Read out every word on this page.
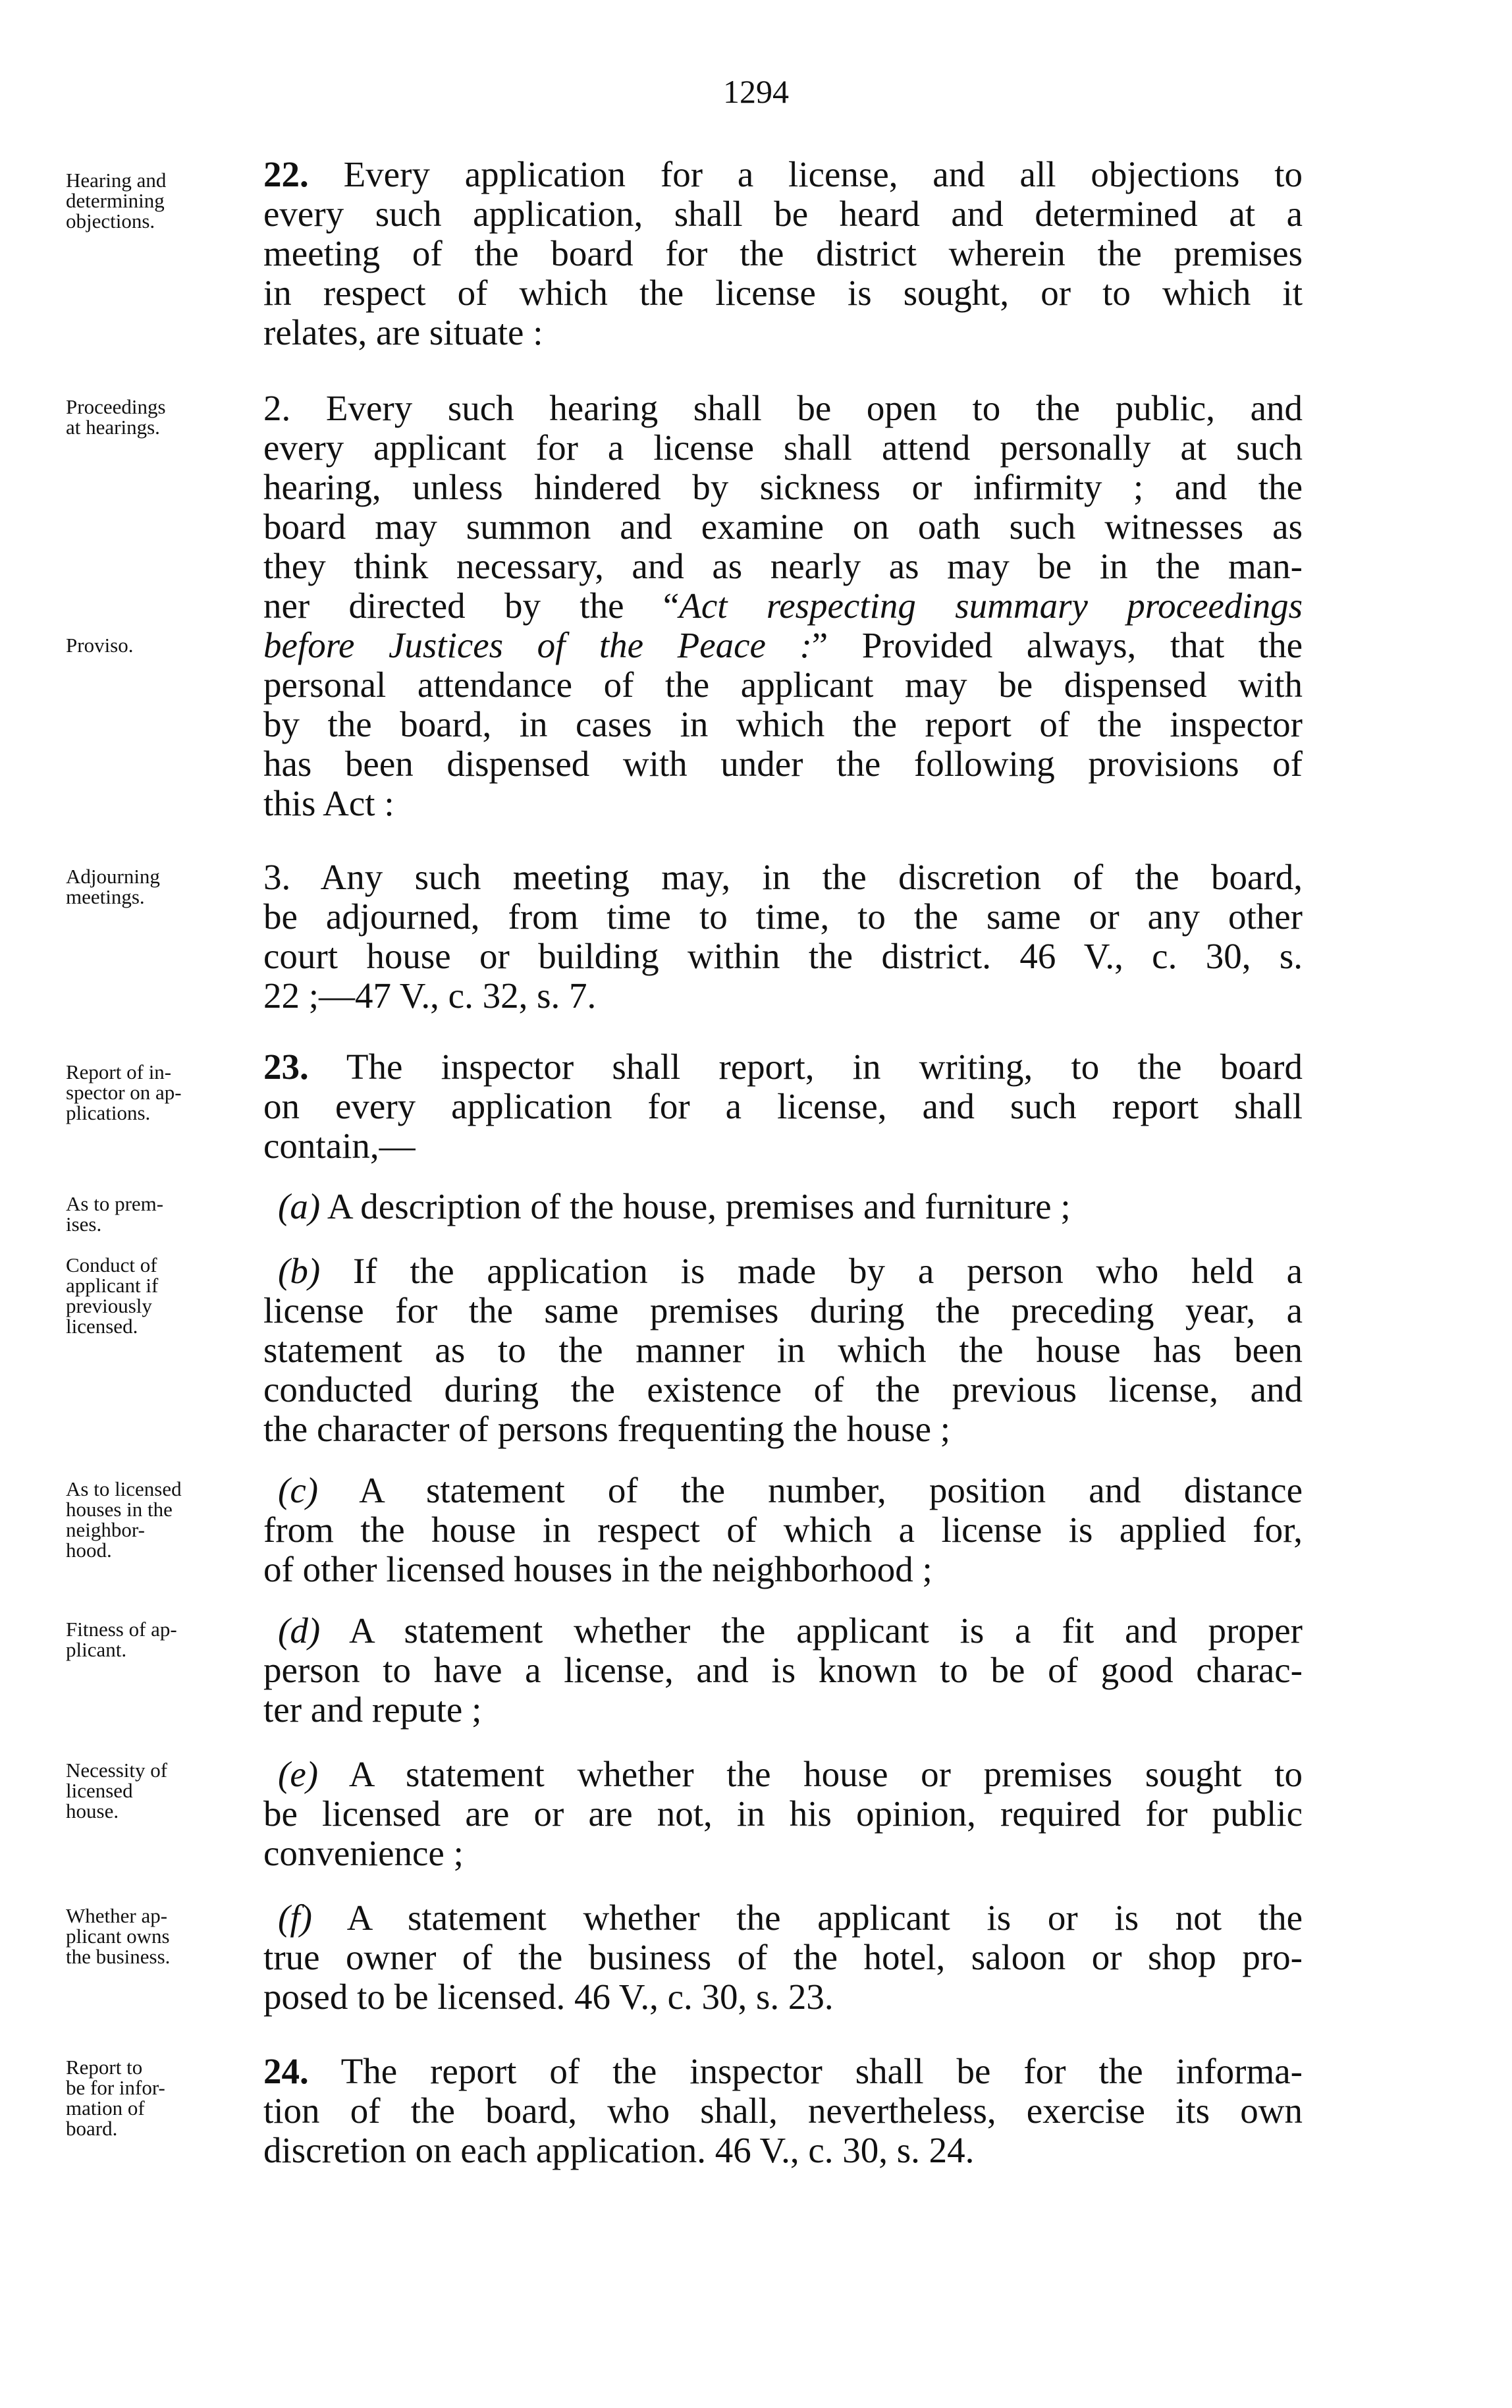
1294
Hearing and
determining
objections.
22. Every application for a license, and all objections to
every such application, shall be heard and determined at a
meeting of the board for the district wherein the premises
in respect of which the license is sought, or to which it
relates, are situate :
Proceedings
at hearings.
Proviso.
2. Every such hearing shall be open to the public, and
every applicant for a license shall attend personally at such
hearing, unless hindered by sickness or infirmity ; and the
board may summon and examine on oath such witnesses as
they think necessary, and as nearly as may be in the man-
ner directed by the “Act respecting summary proceedings
before Justices of the Peace :” Provided always, that the
personal attendance of the applicant may be dispensed with
by the board, in cases in which the report of the inspector
has been dispensed with under the following provisions of
this Act :
Adjourning
meetings.	3. Any such meeting may, in the discretion of the board,
be adjourned, from time to time, to the same or any other
court house or building within the district. 46 V., c. 30, s.
22 ;—47 V., c. 32, s. 7.
Report of in-
spector on ap-
plications.
23. The inspector shall report, in writing, to the board
on every application for a license, and such report shall
contain,—
As to prem-
ises.	(a) A description of the house, premises and furniture ;
Conduct of
applicant if
previously
licensed.
(b) If the application is made by a person who held a
license for the same premises during the preceding year, a
statement as to the manner in which the house has been
conducted during the existence of the previous license, and
the character of persons frequenting the house ;
As to licensed
houses in the
neighbor-
hood.
(c) A statement of the number, position and distance
from the house in respect of which a license is applied for,
of other licensed houses in the neighborhood ;
Fitness of ap-
plicant.	(d) A statement whether the applicant is a fit and proper
person to have a license, and is known to be of good charac-
ter and repute ;
Necessity of
licensed
house.
(e) A statement whether the house or premises sought to
be licensed are or are not, in his opinion, required for public
convenience ;
Whether ap-
plicant owns
the business.
(f) A statement whether the applicant is or is not the
true owner of the business of the hotel, saloon or shop pro-
posed to be licensed. 46 V., c. 30, s. 23.
Report to
be for infor-
mation of
board.
24. The report of the inspector shall be for the informa-
tion of the board, who shall, nevertheless, exercise its own
discretion on each application. 46 V., c. 30, s. 24.
